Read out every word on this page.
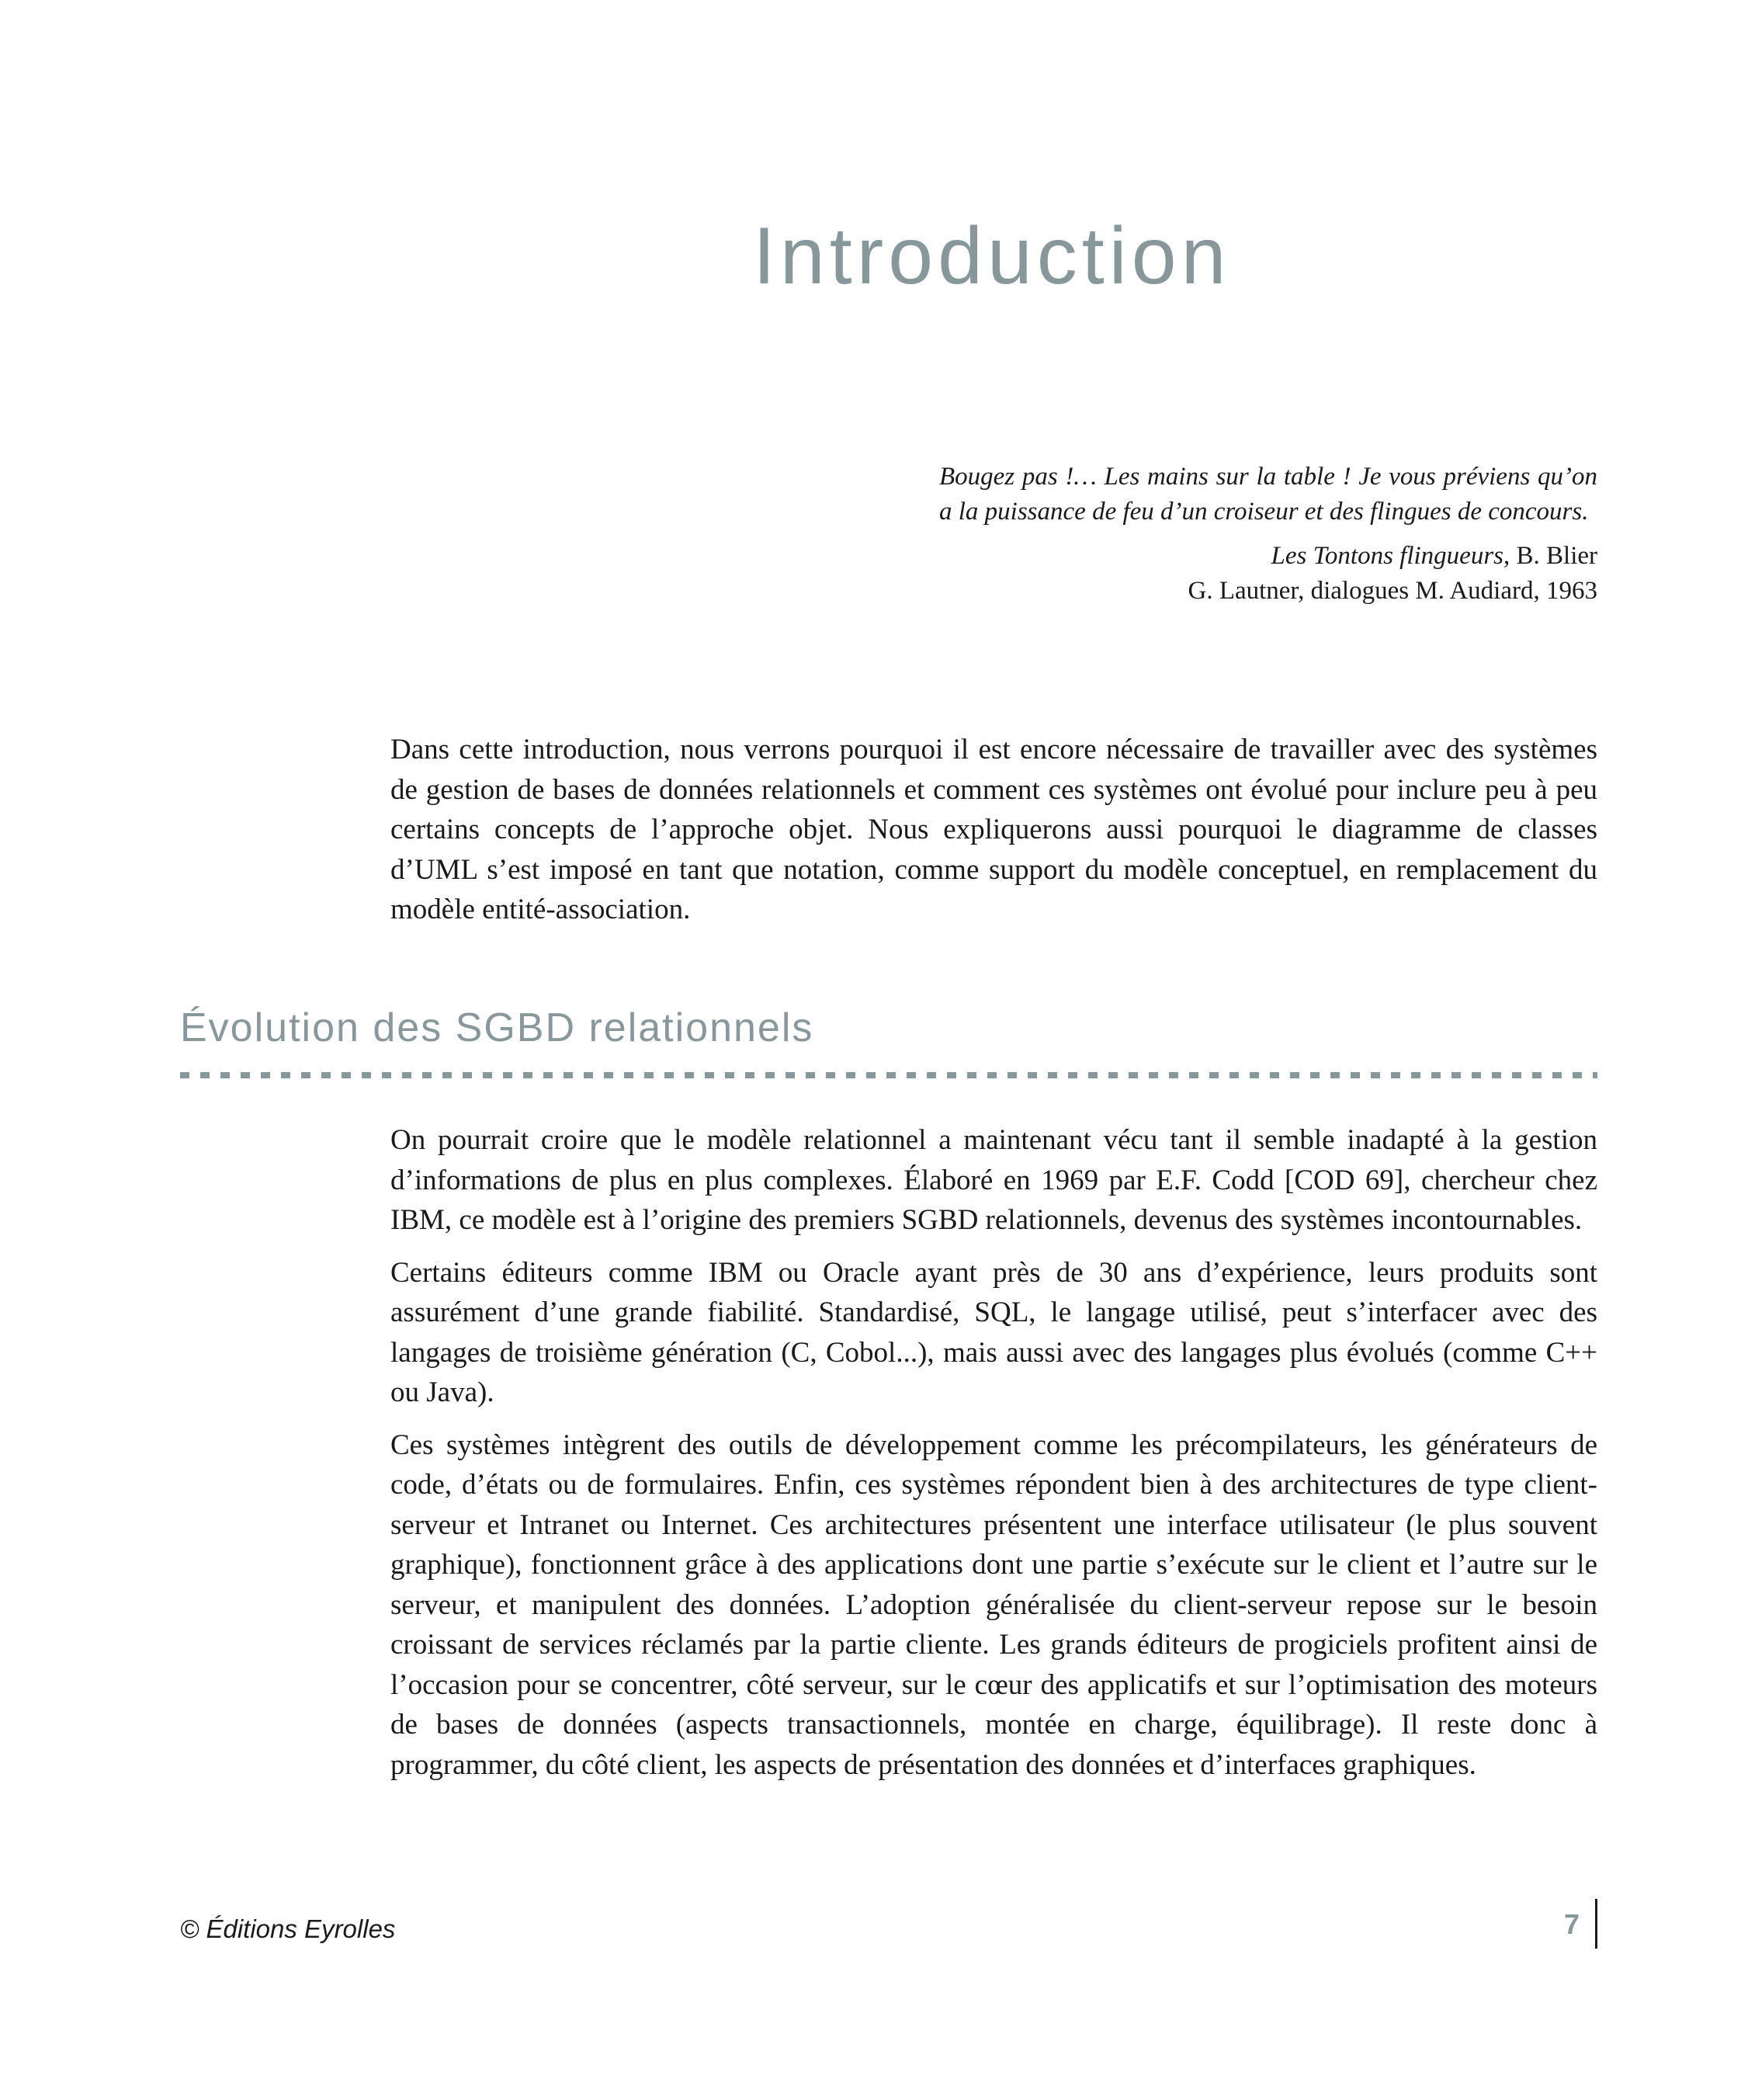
Introduction

Bougez pas !… Les mains sur la table ! Je vous préviens qu’on a la puissance de feu d’un croiseur et des flingues de concours.

Les Tontons flingueurs, B. Blier
G. Lautner, dialogues M. Audiard, 1963

Dans cette introduction, nous verrons pourquoi il est encore nécessaire de travailler avec des systèmes de gestion de bases de données relationnels et comment ces systèmes ont évolué pour inclure peu à peu certains concepts de l’approche objet. Nous expliquerons aussi pourquoi le diagramme de classes d’UML s’est imposé en tant que notation, comme support du modèle conceptuel, en remplacement du modèle entité-association.

Évolution des SGBD relationnels

On pourrait croire que le modèle relationnel a maintenant vécu tant il semble inadapté à la gestion d’informations de plus en plus complexes. Élaboré en 1969 par E.F. Codd [COD 69], chercheur chez IBM, ce modèle est à l’origine des premiers SGBD relationnels, devenus des systèmes incontournables.

Certains éditeurs comme IBM ou Oracle ayant près de 30 ans d’expérience, leurs produits sont assurément d’une grande fiabilité. Standardisé, SQL, le langage utilisé, peut s’interfacer avec des langages de troisième génération (C, Cobol...), mais aussi avec des langages plus évolués (comme C++ ou Java).

Ces systèmes intègrent des outils de développement comme les précompilateurs, les générateurs de code, d’états ou de formulaires. Enfin, ces systèmes répondent bien à des architectures de type client-serveur et Intranet ou Internet. Ces architectures présentent une interface utilisateur (le plus souvent graphique), fonctionnent grâce à des applications dont une partie s’exécute sur le client et l’autre sur le serveur, et manipulent des données. L’adoption généralisée du client-serveur repose sur le besoin croissant de services réclamés par la partie cliente. Les grands éditeurs de progiciels profitent ainsi de l’occasion pour se concentrer, côté serveur, sur le cœur des applicatifs et sur l’optimisation des moteurs de bases de données (aspects transactionnels, montée en charge, équilibrage). Il reste donc à programmer, du côté client, les aspects de présentation des données et d’interfaces graphiques.

© Éditions Eyrolles	7
